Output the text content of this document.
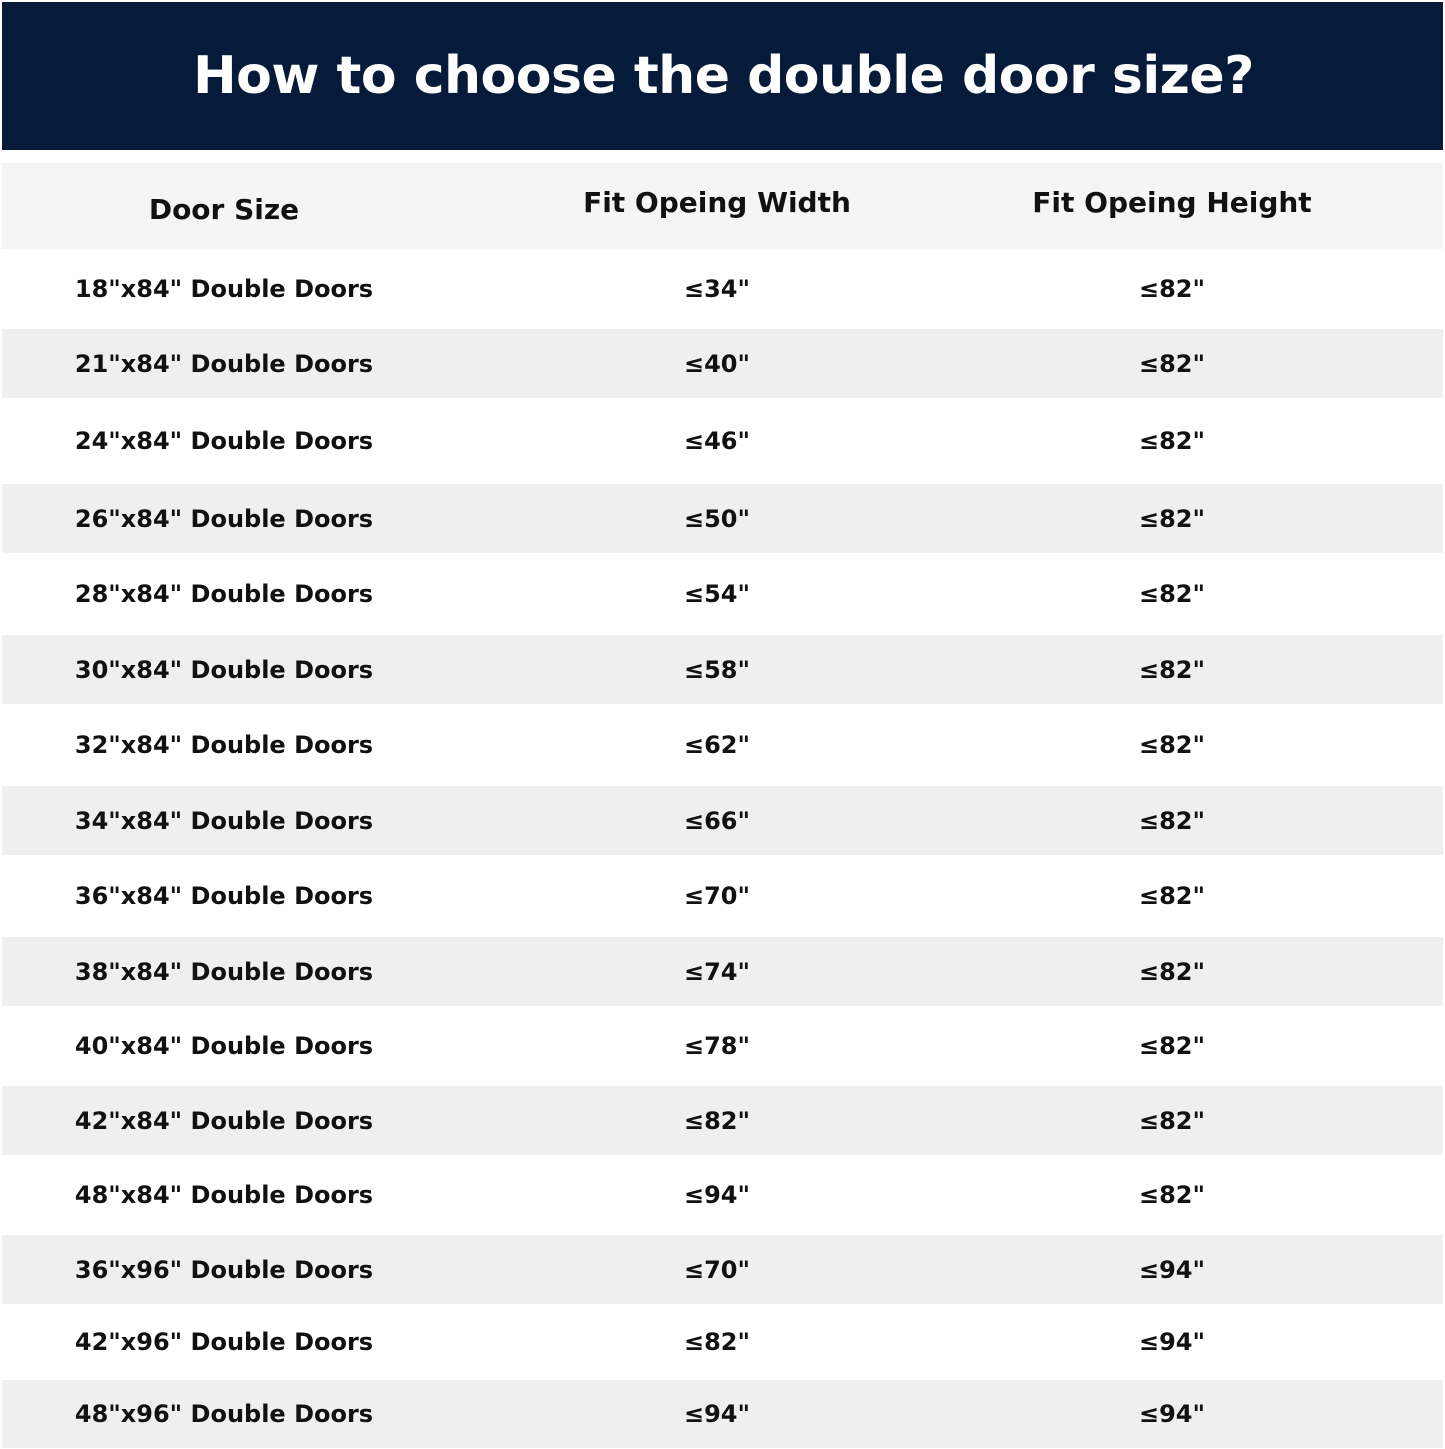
How to choose the double door size?
Door Size	Fit Opeing Width	Fit Opeing Height
18"x84" Double Doors	≤34"	≤82"
21"x84" Double Doors	≤40"	≤82"
24"x84" Double Doors	≤46"	≤82"
26"x84" Double Doors	≤50"	≤82"
28"x84" Double Doors	≤54"	≤82"
30"x84" Double Doors	≤58"	≤82"
32"x84" Double Doors	≤62"	≤82"
34"x84" Double Doors	≤66"	≤82"
36"x84" Double Doors	≤70"	≤82"
38"x84" Double Doors	≤74"	≤82"
40"x84" Double Doors	≤78"	≤82"
42"x84" Double Doors	≤82"	≤82"
48"x84" Double Doors	≤94"	≤82"
36"x96" Double Doors	≤70"	≤94"
42"x96" Double Doors	≤82"	≤94"
48"x96" Double Doors	≤94"	≤94"
